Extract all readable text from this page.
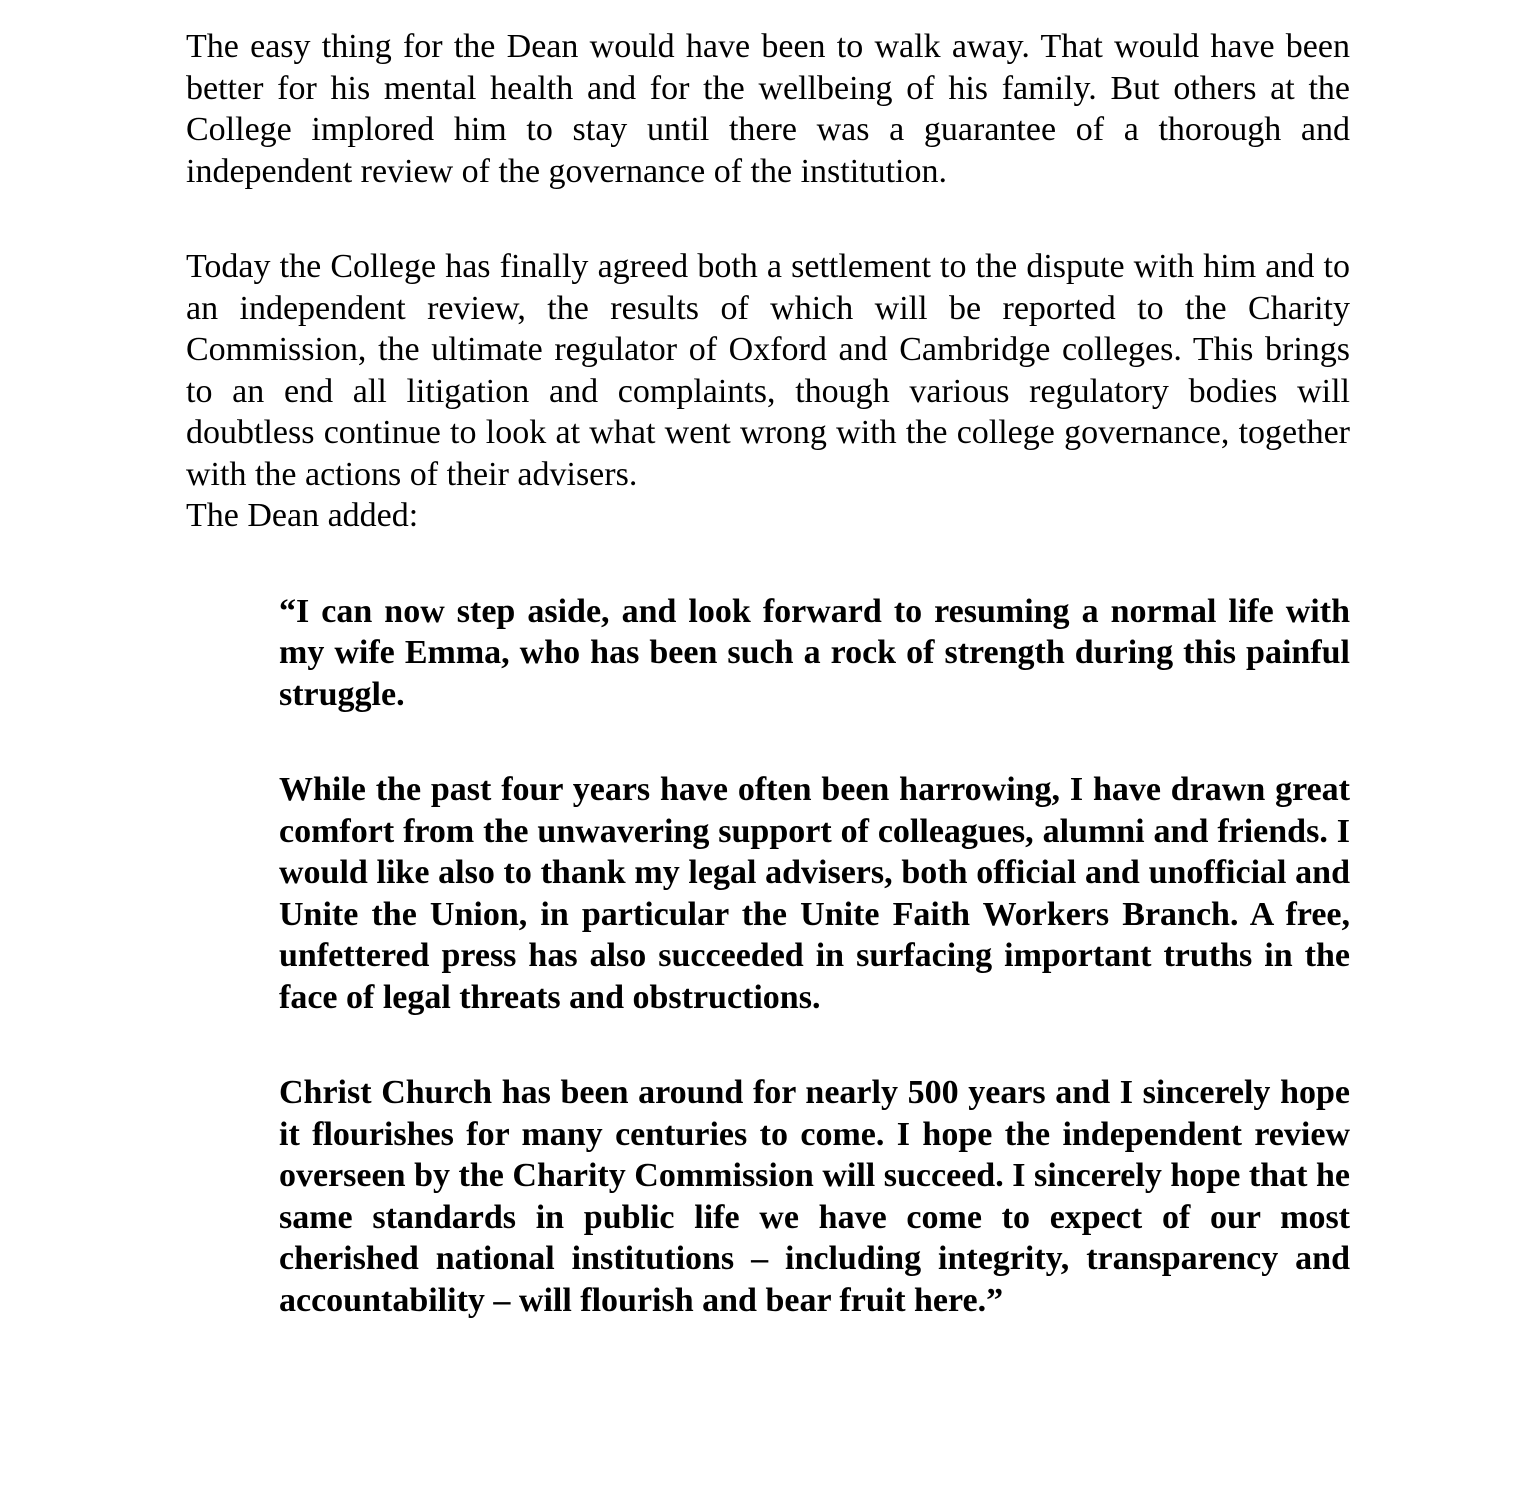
The easy thing for the Dean would have been to walk away. That would have been better for his mental health and for the wellbeing of his family. But others at the College implored him to stay until there was a guarantee of a thorough and independent review of the governance of the institution.

Today the College has finally agreed both a settlement to the dispute with him and to an independent review, the results of which will be reported to the Charity Commission, the ultimate regulator of Oxford and Cambridge colleges. This brings to an end all litigation and complaints, though various regulatory bodies will doubtless continue to look at what went wrong with the college governance, together with the actions of their advisers.

The Dean added:

“I can now step aside, and look forward to resuming a normal life with my wife Emma, who has been such a rock of strength during this painful struggle.

While the past four years have often been harrowing, I have drawn great comfort from the unwavering support of colleagues, alumni and friends. I would like also to thank my legal advisers, both official and unofficial and Unite the Union, in particular the Unite Faith Workers Branch. A free, unfettered press has also succeeded in surfacing important truths in the face of legal threats and obstructions.

Christ Church has been around for nearly 500 years and I sincerely hope it flourishes for many centuries to come. I hope the independent review overseen by the Charity Commission will succeed. I sincerely hope that he same standards in public life we have come to expect of our most cherished national institutions – including integrity, transparency and accountability – will flourish and bear fruit here.”
